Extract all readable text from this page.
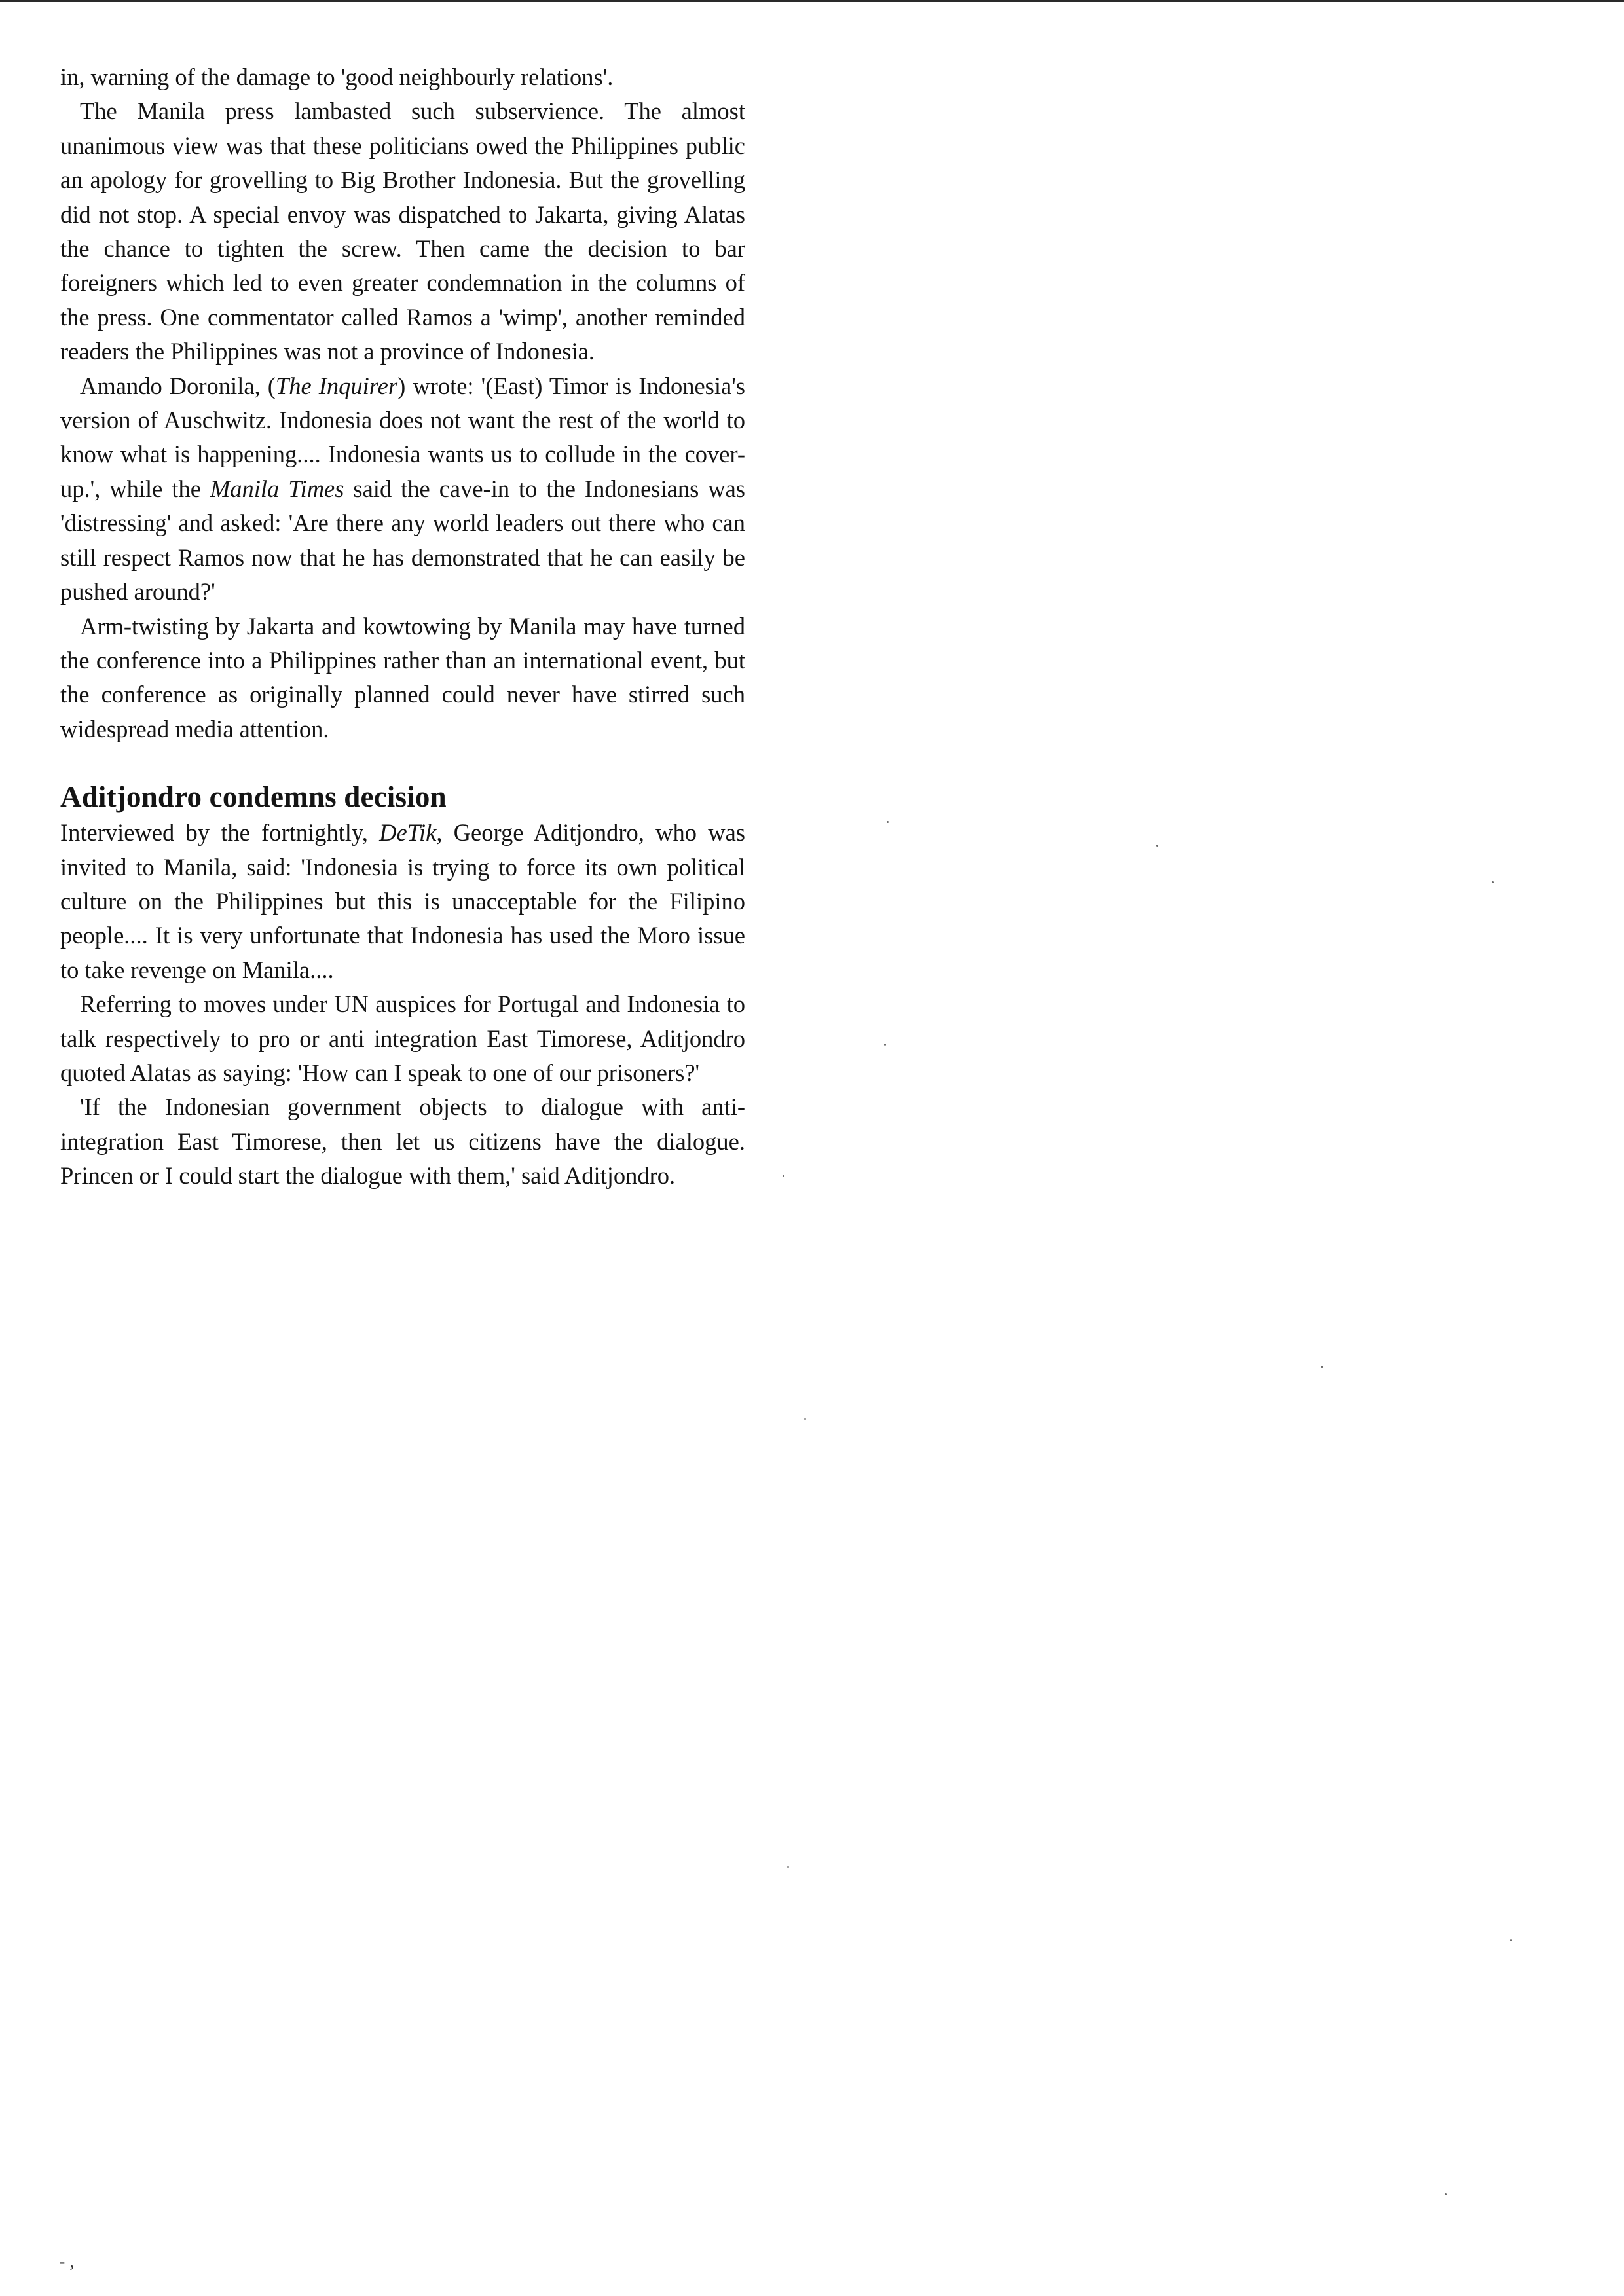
in, warning of the damage to 'good neighbourly relations'.

The Manila press lambasted such subservience. The almost unanimous view was that these politicians owed the Philippines public an apology for grovelling to Big Brother Indonesia. But the grovelling did not stop. A special envoy was dispatched to Jakarta, giving Alatas the chance to tighten the screw. Then came the decision to bar foreigners which led to even greater condemnation in the columns of the press. One commentator called Ramos a 'wimp', another reminded readers the Philippines was not a province of Indonesia.

Amando Doronila, (The Inquirer) wrote: '(East) Timor is Indonesia's version of Auschwitz. Indonesia does not want the rest of the world to know what is happening.... Indonesia wants us to collude in the cover-up.', while the Manila Times said the cave-in to the Indonesians was 'distressing' and asked: 'Are there any world leaders out there who can still respect Ramos now that he has demonstrated that he can easily be pushed around?'

Arm-twisting by Jakarta and kowtowing by Manila may have turned the conference into a Philippines rather than an international event, but the conference as originally planned could never have stirred such widespread media attention.

Aditjondro condemns decision

Interviewed by the fortnightly, DeTik, George Aditjondro, who was invited to Manila, said: 'Indonesia is trying to force its own political culture on the Philippines but this is unacceptable for the Filipino people.... It is very unfortunate that Indonesia has used the Moro issue to take revenge on Manila....

Referring to moves under UN auspices for Portugal and Indonesia to talk respectively to pro or anti integration East Timorese, Aditjondro quoted Alatas as saying: 'How can I speak to one of our prisoners?'

'If the Indonesian government objects to dialogue with anti-integration East Timorese, then let us citizens have the dialogue. Princen or I could start the dialogue with them,' said Aditjondro.

- ,
